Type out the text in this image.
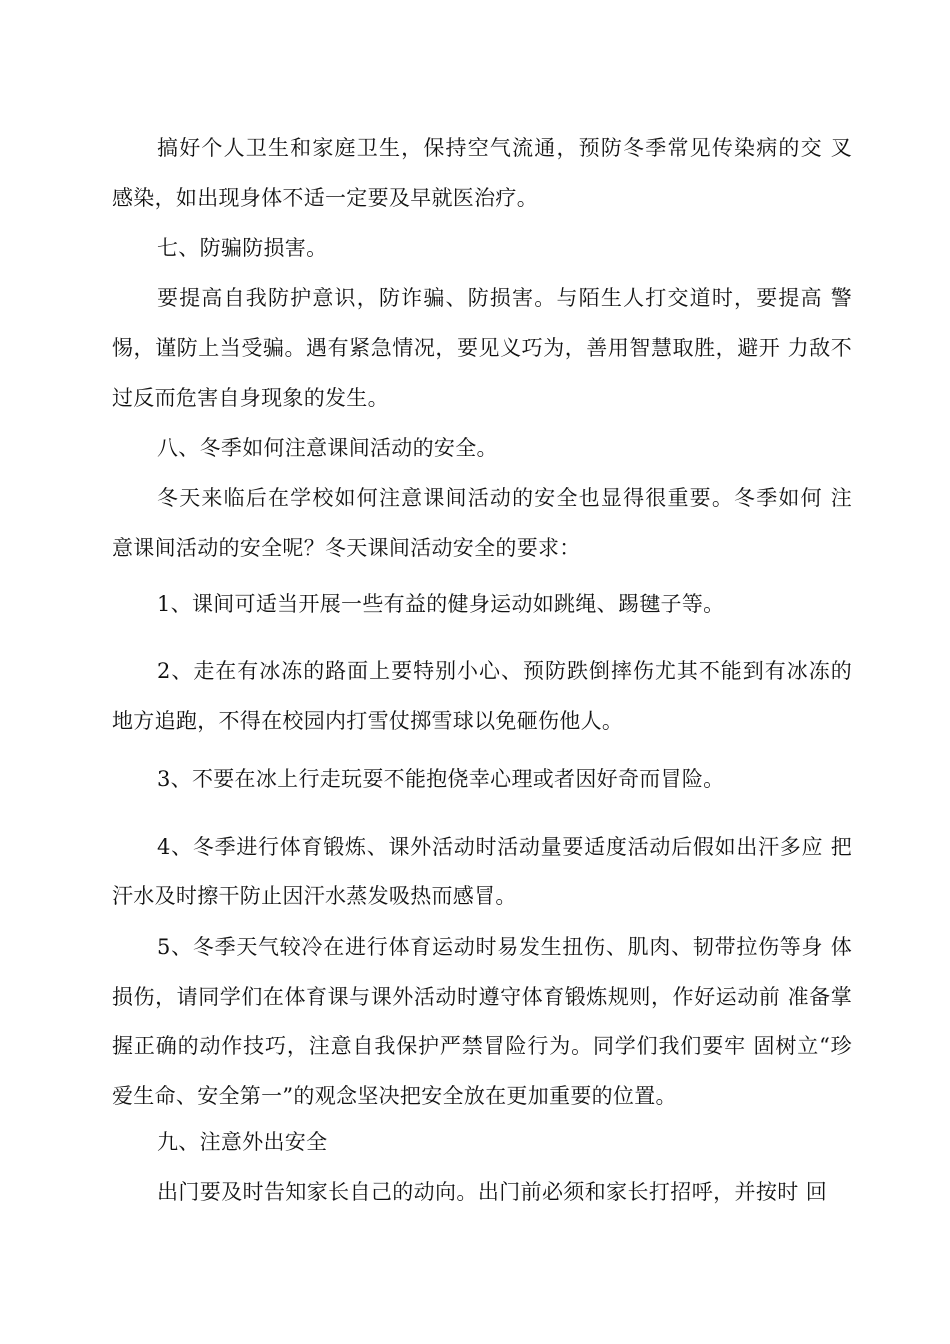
搞好个人卫生和家庭卫生，保持空气流通，预防冬季常见传染病的交 叉
感染，如出现身体不适一定要及早就医治疗。
七、防骗防损害。
要提高自我防护意识，防诈骗、防损害。与陌生人打交道时，要提高 警
惕，谨防上当受骗。遇有紧急情况，要见义巧为，善用智慧取胜，避开 力敌不
过反而危害自身现象的发生。
八、冬季如何注意课间活动的安全。
冬天来临后在学校如何注意课间活动的安全也显得很重要。冬季如何 注
意课间活动的安全呢？冬天课间活动安全的要求：
1、课间可适当开展一些有益的健身运动如跳绳、踢毽子等。
2、走在有冰冻的路面上要特别小心、预防跌倒摔伤尤其不能到有冰冻的
地方追跑，不得在校园内打雪仗掷雪球以免砸伤他人。
3、不要在冰上行走玩耍不能抱侥幸心理或者因好奇而冒险。
4、冬季进行体育锻炼、课外活动时活动量要适度活动后假如出汗多应 把
汗水及时擦干防止因汗水蒸发吸热而感冒。
5、冬季天气较冷在进行体育运动时易发生扭伤、肌肉、韧带拉伤等身 体
损伤，请同学们在体育课与课外活动时遵守体育锻炼规则，作好运动前 准备掌
握正确的动作技巧，注意自我保护严禁冒险行为。同学们我们要牢 固树立“珍
爱生命、安全第一”的观念坚决把安全放在更加重要的位置。
九、注意外出安全
出门要及时告知家长自己的动向。出门前必须和家长打招呼，并按时 回
